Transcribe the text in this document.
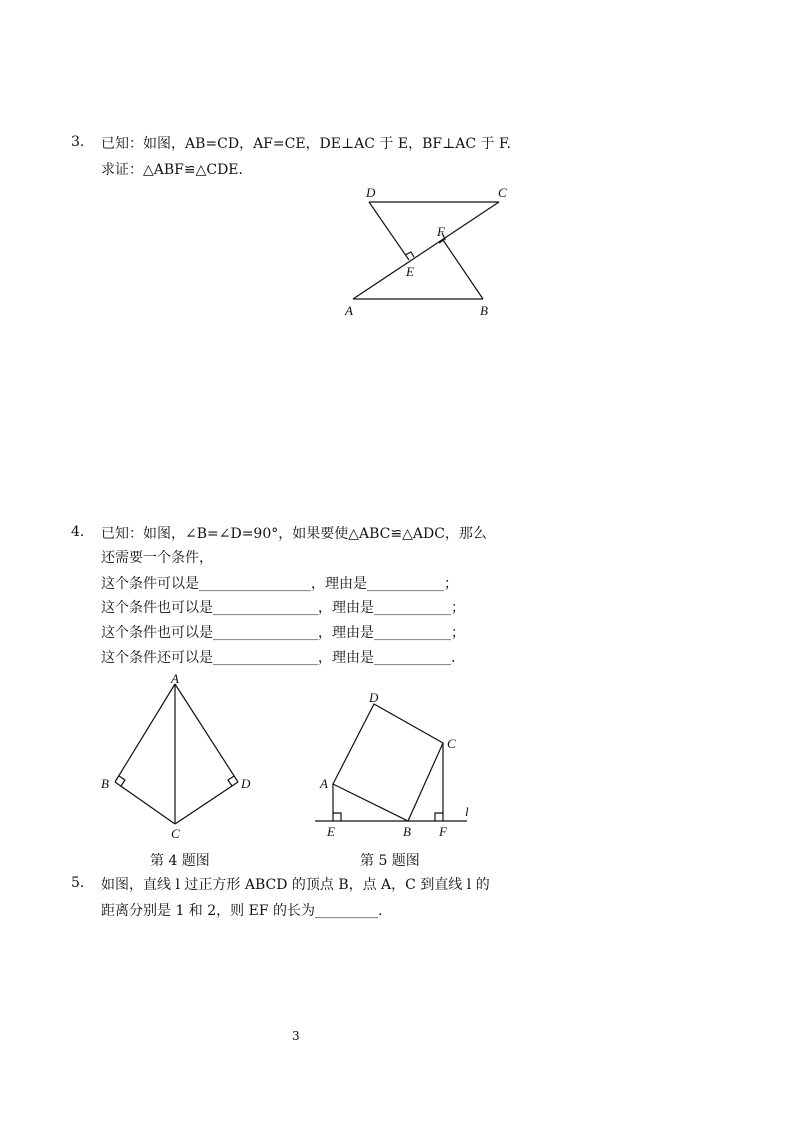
3. 已知：如图，AB=CD，AF=CE，DE⊥AC 于 E，BF⊥AC 于 F.
求证：△ABF≌△CDE.
D	C
F
E
A	B
4. 已知：如图，∠B=∠D=90°，如果要使△ABC≌△ADC，那么
还需要一个条件，
这个条件可以是________________，理由是___________；
这个条件也可以是_______________，理由是___________；
这个条件也可以是_______________，理由是___________；
这个条件还可以是_______________，理由是___________.
A
B	D
C
第 4 题图
D
C
A
l
E	B F
第 5 题图
5. 如图，直线 l 过正方形 ABCD 的顶点 B，点 A，C 到直线 l 的
距离分别是 1 和 2，则 EF 的长为_________.
3
